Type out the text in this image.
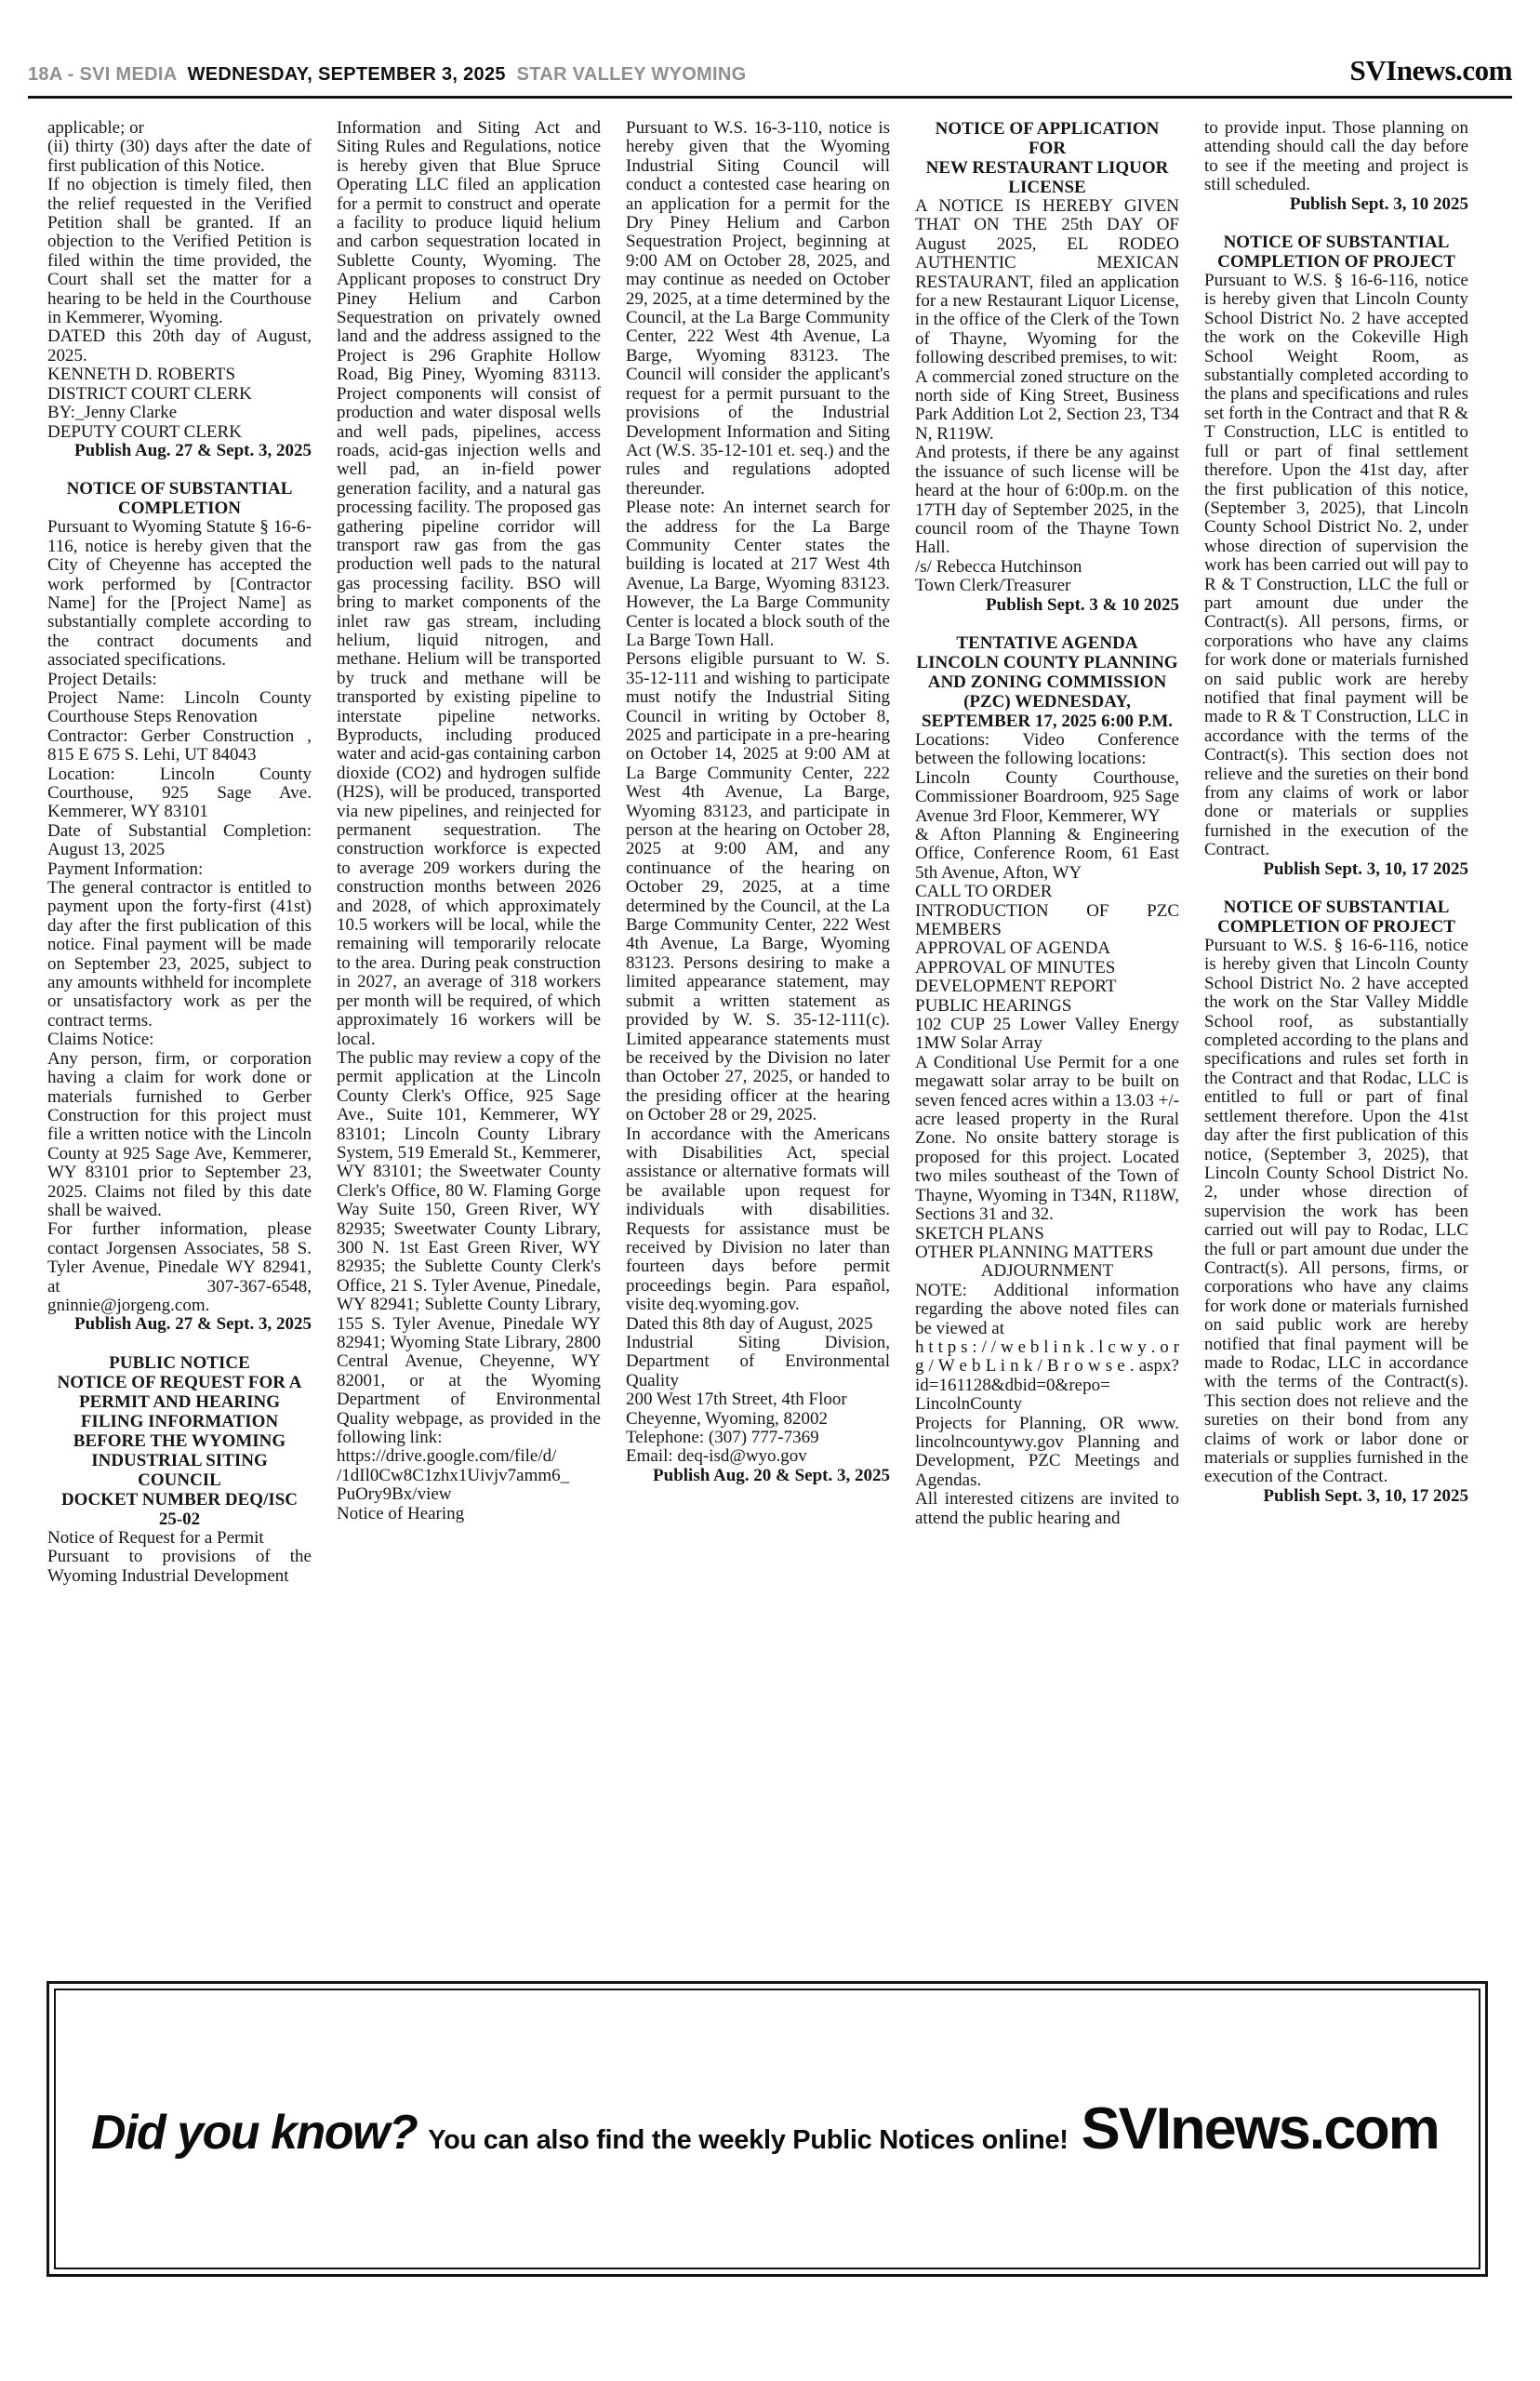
18A - SVI MEDIA WEDNESDAY, SEPTEMBER 3, 2025 STAR VALLEY WYOMING	SVInews.com
applicable; or
(ii) thirty (30) days after the date of first publication of this Notice.
If no objection is timely filed, then the relief requested in the Verified Petition shall be granted. If an objection to the Verified Petition is filed within the time provided, the Court shall set the matter for a hearing to be held in the Courthouse in Kemmerer, Wyoming.
DATED this 20th day of August, 2025.
KENNETH D. ROBERTS
DISTRICT COURT CLERK
BY:_Jenny Clarke
DEPUTY COURT CLERK
Publish Aug. 27 & Sept. 3, 2025
NOTICE OF SUBSTANTIAL COMPLETION
Pursuant to Wyoming Statute § 16-6-116, notice is hereby given that the City of Cheyenne has accepted the work performed by [Contractor Name] for the [Project Name] as substantially complete according to the contract documents and associated specifications.
Project Details:
Project Name: Lincoln County Courthouse Steps Renovation
Contractor: Gerber Construction , 815 E 675 S. Lehi, UT 84043
Location: Lincoln County Courthouse, 925 Sage Ave. Kemmerer, WY 83101
Date of Substantial Completion: August 13, 2025
Payment Information:
The general contractor is entitled to payment upon the forty-first (41st) day after the first publication of this notice. Final payment will be made on September 23, 2025, subject to any amounts withheld for incomplete or unsatisfactory work as per the contract terms.
Claims Notice:
Any person, firm, or corporation having a claim for work done or materials furnished to Gerber Construction for this project must file a written notice with the Lincoln County at 925 Sage Ave, Kemmerer, WY 83101 prior to September 23, 2025. Claims not filed by this date shall be waived.
For further information, please contact Jorgensen Associates, 58 S. Tyler Avenue, Pinedale WY 82941, at 307-367-6548, gninnie@jorgeng.com.
Publish Aug. 27 & Sept. 3, 2025
PUBLIC NOTICE
NOTICE OF REQUEST FOR A PERMIT AND HEARING FILING INFORMATION BEFORE THE WYOMING INDUSTRIAL SITING COUNCIL
DOCKET NUMBER DEQ/ISC 25-02
Notice of Request for a Permit
Pursuant to provisions of the Wyoming Industrial Development
Information and Siting Act and Siting Rules and Regulations, notice is hereby given that Blue Spruce Operating LLC filed an application for a permit to construct and operate a facility to produce liquid helium and carbon sequestration located in Sublette County, Wyoming. The Applicant proposes to construct Dry Piney Helium and Carbon Sequestration on privately owned land and the address assigned to the Project is 296 Graphite Hollow Road, Big Piney, Wyoming 83113. Project components will consist of production and water disposal wells and well pads, pipelines, access roads, acid-gas injection wells and well pad, an in-field power generation facility, and a natural gas processing facility. The proposed gas gathering pipeline corridor will transport raw gas from the gas production well pads to the natural gas processing facility. BSO will bring to market components of the inlet raw gas stream, including helium, liquid nitrogen, and methane. Helium will be transported by truck and methane will be transported by existing pipeline to interstate pipeline networks. Byproducts, including produced water and acid-gas containing carbon dioxide (CO2) and hydrogen sulfide (H2S), will be produced, transported via new pipelines, and reinjected for permanent sequestration. The construction workforce is expected to average 209 workers during the construction months between 2026 and 2028, of which approximately 10.5 workers will be local, while the remaining will temporarily relocate to the area. During peak construction in 2027, an average of 318 workers per month will be required, of which approximately 16 workers will be local.
The public may review a copy of the permit application at the Lincoln County Clerk's Office, 925 Sage Ave., Suite 101, Kemmerer, WY 83101; Lincoln County Library System, 519 Emerald St., Kemmerer, WY 83101; the Sweetwater County Clerk's Office, 80 W. Flaming Gorge Way Suite 150, Green River, WY 82935; Sweetwater County Library, 300 N. 1st East Green River, WY 82935; the Sublette County Clerk's Office, 21 S. Tyler Avenue, Pinedale, WY 82941; Sublette County Library, 155 S. Tyler Avenue, Pinedale WY 82941; Wyoming State Library, 2800 Central Avenue, Cheyenne, WY 82001, or at the Wyoming Department of Environmental Quality webpage, as provided in the following link:
https://drive.google.com/file/d/
/1dIl0Cw8C1zhx1Uivjv7amm6_
PuOry9Bx/view
Notice of Hearing
Pursuant to W.S. 16-3-110, notice is hereby given that the Wyoming Industrial Siting Council will conduct a contested case hearing on an application for a permit for the Dry Piney Helium and Carbon Sequestration Project, beginning at 9:00 AM on October 28, 2025, and may continue as needed on October 29, 2025, at a time determined by the Council, at the La Barge Community Center, 222 West 4th Avenue, La Barge, Wyoming 83123. The Council will consider the applicant's request for a permit pursuant to the provisions of the Industrial Development Information and Siting Act (W.S. 35-12-101 et. seq.) and the rules and regulations adopted thereunder.
Please note: An internet search for the address for the La Barge Community Center states the building is located at 217 West 4th Avenue, La Barge, Wyoming 83123. However, the La Barge Community Center is located a block south of the La Barge Town Hall.
Persons eligible pursuant to W. S. 35-12-111 and wishing to participate must notify the Industrial Siting Council in writing by October 8, 2025 and participate in a pre-hearing on October 14, 2025 at 9:00 AM at La Barge Community Center, 222 West 4th Avenue, La Barge, Wyoming 83123, and participate in person at the hearing on October 28, 2025 at 9:00 AM, and any continuance of the hearing on October 29, 2025, at a time determined by the Council, at the La Barge Community Center, 222 West 4th Avenue, La Barge, Wyoming 83123. Persons desiring to make a limited appearance statement, may submit a written statement as provided by W. S. 35-12-111(c). Limited appearance statements must be received by the Division no later than October 27, 2025, or handed to the presiding officer at the hearing on October 28 or 29, 2025.
In accordance with the Americans with Disabilities Act, special assistance or alternative formats will be available upon request for individuals with disabilities. Requests for assistance must be received by Division no later than fourteen days before permit proceedings begin. Para español, visite deq.wyoming.gov.
Dated this 8th day of August, 2025
Industrial Siting Division, Department of Environmental Quality
200 West 17th Street, 4th Floor
Cheyenne, Wyoming, 82002
Telephone: (307) 777-7369
Email: deq-isd@wyo.gov
Publish Aug. 20 & Sept. 3, 2025
NOTICE OF APPLICATION FOR
NEW RESTAURANT LIQUOR LICENSE
A NOTICE IS HEREBY GIVEN THAT ON THE 25th DAY OF August 2025, EL RODEO AUTHENTIC MEXICAN RESTAURANT, filed an application for a new Restaurant Liquor License, in the office of the Clerk of the Town of Thayne, Wyoming for the following described premises, to wit:
A commercial zoned structure on the north side of King Street, Business Park Addition Lot 2, Section 23, T34 N, R119W.
And protests, if there be any against the issuance of such license will be heard at the hour of 6:00p.m. on the 17TH day of September 2025, in the council room of the Thayne Town Hall.
/s/ Rebecca Hutchinson
Town Clerk/Treasurer
Publish Sept. 3 & 10 2025
TENTATIVE AGENDA LINCOLN COUNTY PLANNING AND ZONING COMMISSION (PZC) WEDNESDAY, SEPTEMBER 17, 2025 6:00 P.M.
Locations: Video Conference between the following locations:
Lincoln County Courthouse, Commissioner Boardroom, 925 Sage Avenue 3rd Floor, Kemmerer, WY
& Afton Planning & Engineering Office, Conference Room, 61 East 5th Avenue, Afton, WY
CALL TO ORDER
INTRODUCTION OF PZC MEMBERS
APPROVAL OF AGENDA
APPROVAL OF MINUTES
DEVELOPMENT REPORT
PUBLIC HEARINGS
102 CUP 25 Lower Valley Energy 1MW Solar Array
A Conditional Use Permit for a one megawatt solar array to be built on seven fenced acres within a 13.03 +/- acre leased property in the Rural Zone. No onsite battery storage is proposed for this project. Located two miles southeast of the Town of Thayne, Wyoming in T34N, R118W, Sections 31 and 32.
SKETCH PLANS
OTHER PLANNING MATTERS
ADJOURNMENT
NOTE: Additional information regarding the above noted files can be viewed at
h t t p s : / / w e b l i n k . l c w y . o r g / W e b L i n k / B r o w s e . aspx?id=161128&dbid=0&repo= LincolnCounty
Projects for Planning, OR www. lincolncountywy.gov Planning and Development, PZC Meetings and Agendas.
All interested citizens are invited to attend the public hearing and
to provide input. Those planning on attending should call the day before to see if the meeting and project is still scheduled.
Publish Sept. 3, 10 2025
NOTICE OF SUBSTANTIAL COMPLETION OF PROJECT
Pursuant to W.S. § 16-6-116, notice is hereby given that Lincoln County School District No. 2 have accepted the work on the Cokeville High School Weight Room, as substantially completed according to the plans and specifications and rules set forth in the Contract and that R & T Construction, LLC is entitled to full or part of final settlement therefore. Upon the 41st day, after the first publication of this notice, (September 3, 2025), that Lincoln County School District No. 2, under whose direction of supervision the work has been carried out will pay to R & T Construction, LLC the full or part amount due under the Contract(s). All persons, firms, or corporations who have any claims for work done or materials furnished on said public work are hereby notified that final payment will be made to R & T Construction, LLC in accordance with the terms of the Contract(s). This section does not relieve and the sureties on their bond from any claims of work or labor done or materials or supplies furnished in the execution of the Contract.
Publish Sept. 3, 10, 17 2025
NOTICE OF SUBSTANTIAL COMPLETION OF PROJECT
Pursuant to W.S. § 16-6-116, notice is hereby given that Lincoln County School District No. 2 have accepted the work on the Star Valley Middle School roof, as substantially completed according to the plans and specifications and rules set forth in the Contract and that Rodac, LLC is entitled to full or part of final settlement therefore. Upon the 41st day after the first publication of this notice, (September 3, 2025), that Lincoln County School District No. 2, under whose direction of supervision the work has been carried out will pay to Rodac, LLC the full or part amount due under the Contract(s). All persons, firms, or corporations who have any claims for work done or materials furnished on said public work are hereby notified that final payment will be made to Rodac, LLC in accordance with the terms of the Contract(s). This section does not relieve and the sureties on their bond from any claims of work or labor done or materials or supplies furnished in the execution of the Contract.
Publish Sept. 3, 10, 17 2025
Did you know? You can also find the weekly Public Notices online! SVInews.com
